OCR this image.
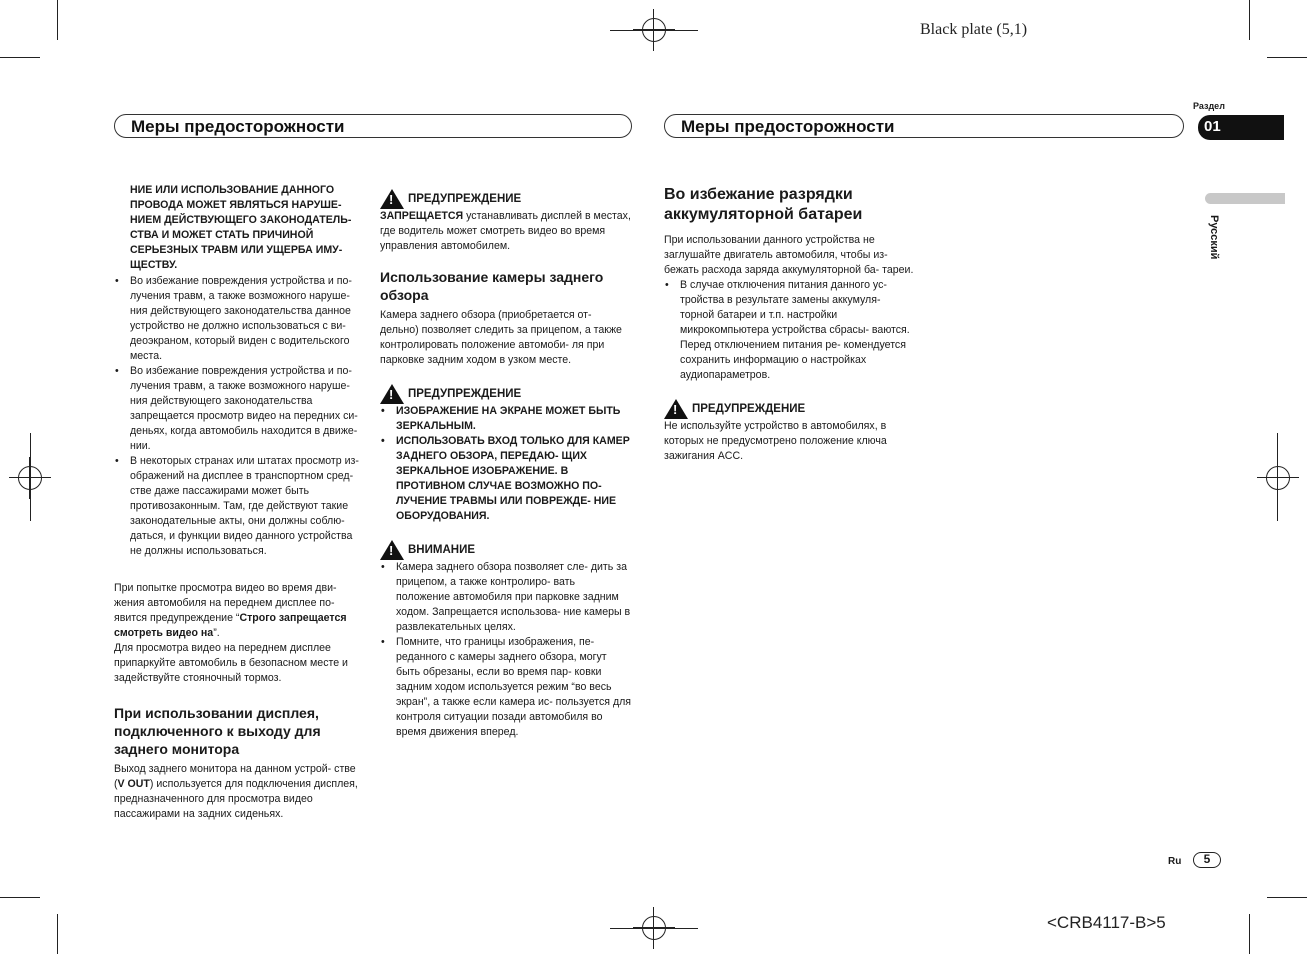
Black plate (5,1)
<CRB4117-B>5
Меры предосторожности	Меры предосторожности
Раздел
01
Русский

НИЕ ИЛИ ИСПОЛЬЗОВАНИЕ ДАННОГО ПРОВОДА МОЖЕТ ЯВЛЯТЬСЯ НАРУШЕ- НИЕМ ДЕЙСТВУЮЩЕГО ЗАКОНОДАТЕЛЬ- СТВА И МОЖЕТ СТАТЬ ПРИЧИНОЙ СЕРЬЕЗНЫХ ТРАВМ ИЛИ УЩЕРБА ИМУ- ЩЕСТВУ.

• Во избежание повреждения устройства и по- лучения травм, а также возможного наруше- ния действующего законодательства данное устройство не должно использоваться с ви- деоэкраном, который виден с водительского места.

• Во избежание повреждения устройства и по- лучения травм, а также возможного наруше- ния действующего законодательства запрещается просмотр видео на передних си- деньях, когда автомобиль находится в движе- нии.

• В некоторых странах или штатах просмотр из- ображений на дисплее в транспортном сред- стве даже пассажирами может быть противозаконным. Там, где действуют такие законодательные акты, они должны соблю- даться, и функции видео данного устройства не должны использоваться.

При попытке просмотра видео во время дви- жения автомобиля на переднем дисплее по- явится предупреждение “Строго запрещается смотреть видео на”.

Для просмотра видео на переднем дисплее припаркуйте автомобиль в безопасном месте и задействуйте стояночный тормоз.

При использовании дисплея, подключенного к выходу для заднего монитора

Выход заднего монитора на данном устрой- стве (V OUT) используется для подключения дисплея, предназначенного для просмотра видео пассажирами на задних сиденьях.

!
ПРЕДУПРЕЖДЕНИЕ

ЗАПРЕЩАЕТСЯ устанавливать дисплей в местах, где водитель может смотреть видео во время управления автомобилем.

Использование камеры заднего обзора

Камера заднего обзора (приобретается от- дельно) позволяет следить за прицепом, а также контролировать положение автомоби- ля при парковке задним ходом в узком месте.

!
ПРЕДУПРЕЖДЕНИЕ

• ИЗОБРАЖЕНИЕ НА ЭКРАНЕ МОЖЕТ БЫТЬ ЗЕРКАЛЬНЫМ.

• ИСПОЛЬЗОВАТЬ ВХОД ТОЛЬКО ДЛЯ КАМЕР ЗАДНЕГО ОБЗОРА, ПЕРЕДАЮ- ЩИХ ЗЕРКАЛЬНОЕ ИЗОБРАЖЕНИЕ. В ПРОТИВНОМ СЛУЧАЕ ВОЗМОЖНО ПО- ЛУЧЕНИЕ ТРАВМЫ ИЛИ ПОВРЕЖДЕ- НИЕ ОБОРУДОВАНИЯ.

!
ВНИМАНИЕ

• Камера заднего обзора позволяет сле- дить за прицепом, а также контролиро- вать положение автомобиля при парковке задним ходом. Запрещается использова- ние камеры в развлекательных целях.

• Помните, что границы изображения, пе- реданного с камеры заднего обзора, могут быть обрезаны, если во время пар- ковки задним ходом используется режим “во весь экран”, а также если камера ис- пользуется для контроля ситуации позади автомобиля во время движения вперед.

Во избежание разрядки аккумуляторной батареи

При использовании данного устройства не заглушайте двигатель автомобиля, чтобы из- бежать расхода заряда аккумуляторной ба- тареи.

• В случае отключения питания данного ус- тройства в результате замены аккумуля- торной батареи и т.п. настройки микрокомпьютера устройства сбрасы- ваются. Перед отключением питания ре- комендуется сохранить информацию о настройках аудиопараметров.

!
ПРЕДУПРЕЖДЕНИЕ

Не используйте устройство в автомобилях, в которых не предусмотрено положение ключа зажигания ACC.

Ru	5
